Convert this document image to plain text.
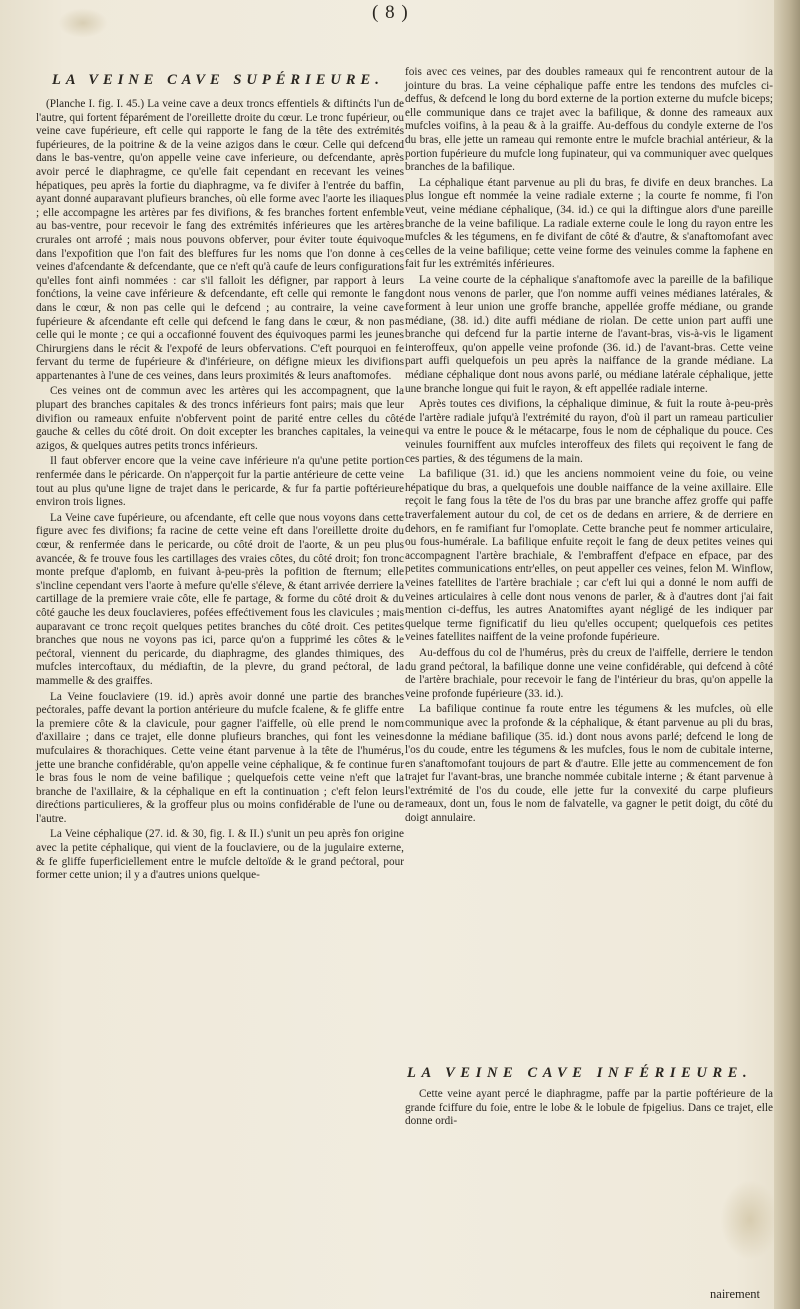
( 8 )
LA VEINE CAVE SUPÉRIEURE.

(Planche I. fig. I. 45.) La veine cave a deux troncs effentiels & diftinćts l'un de l'autre, qui fortent féparément de l'oreillette droite du cœur. Le tronc fupérieur, ou veine cave fupérieure, eft celle qui rapporte le fang de la tête des extrémités fupérieures, de la poitrine & de la veine azigos dans le cœur. Celle qui defcend dans le bas-ventre, qu'on appelle veine cave inferieure, ou defcendante, après avoir percé le diaphragme, ce qu'elle fait cependant en recevant les veines hépatiques, peu après la fortie du diaphragme, va fe divifer à l'entrée du baffin, ayant donné auparavant plufieurs branches, où elle forme avec l'aorte les iliaques ; elle accompagne les artères par fes divifions, & fes branches fortent enfemble au bas-ventre, pour recevoir le fang des extrémités inférieures que les artères crurales ont arrofé ; mais nous pouvons obferver, pour éviter toute équivoque dans l'expofition que l'on fait des bleffures fur les noms que l'on donne à ces veines d'afcendante & defcendante, que ce n'eft qu'à caufe de leurs configurations qu'elles font ainfi nommées : car s'il falloit les défigner, par rapport à leurs fonćtions, la veine cave inférieure & defcendante, eft celle qui remonte le fang dans le cœur, & non pas celle qui le defcend ; au contraire, la veine cave fupérieure & afcendante eft celle qui defcend le fang dans le cœur, & non pas celle qui le monte ; ce qui a occafionné fouvent des équivoques parmi les jeunes Chirurgiens dans le récit & l'expofé de leurs obfervations. C'eft pourquoi en fe fervant du terme de fupérieure & d'inférieure, on défigne mieux les divifions appartenantes à l'une de ces veines, dans leurs proximités & leurs anaftomofes.

Ces veines ont de commun avec les artères qui les accompagnent, que la plupart des branches capitales & des troncs inférieurs font pairs; mais que leur divifion ou rameaux enfuite n'obfervent point de parité entre celles du côté gauche & celles du côté droit. On doit excepter les branches capitales, la veine azigos, & quelques autres petits troncs inférieurs.

Il faut obferver encore que la veine cave inférieure n'a qu'une petite portion renfermée dans le péricarde. On n'apperçoit fur la partie antérieure de cette veine tout au plus qu'une ligne de trajet dans le pericarde, & fur fa partie poftérieure environ trois lignes.

La Veine cave fupérieure, ou afcendante, eft celle que nous voyons dans cette figure avec fes divifions; fa racine de cette veine eft dans l'oreillette droite du cœur, & renfermée dans le pericarde, ou côté droit de l'aorte, & un peu plus avancée, & fe trouve fous les cartillages des vraies côtes, du côté droit; fon tronc monte prefque d'aplomb, en fuivant à-peu-près la pofition de fternum; elle s'incline cependant vers l'aorte à mefure qu'elle s'éleve, & étant arrivée derriere la cartillage de la premiere vraie côte, elle fe partage, & forme du côté droit & du côté gauche les deux fouclavieres, pofées effećtivement fous les clavicules ; mais auparavant ce tronc reçoit quelques petites branches du côté droit. Ces petites branches que nous ne voyons pas ici, parce qu'on a fupprimé les côtes & le pećtoral, viennent du pericarde, du diaphragme, des glandes thimiques, des mufcles intercoftaux, du médiaftin, de la plevre, du grand pećtoral, de la mammelle & des graiffes.

La Veine fouclaviere (19. id.) après avoir donné une partie des branches pećtorales, paffe devant la portion antérieure du mufcle fcalene, & fe gliffe entre la premiere côte & la clavicule, pour gagner l'aiffelle, où elle prend le nom d'axillaire ; dans ce trajet, elle donne plufieurs branches, qui font les veines mufculaires & thorachiques. Cette veine étant parvenue à la tête de l'humérus, jette une branche confidérable, qu'on appelle veine céphalique, & fe continue fur le bras fous le nom de veine bafilique ; quelquefois cette veine n'eft que la branche de l'axillaire, & la céphalique en eft la continuation ; c'eft felon leurs direćtions particulieres, & la groffeur plus ou moins confidérable de l'une ou de l'autre.

La Veine céphalique (27. id. & 30, fig. I. & II.) s'unit un peu après fon origine avec la petite céphalique, qui vient de la fouclaviere, ou de la jugulaire externe, & fe gliffe fuperficiellement entre le mufcle deltoïde & le grand pećtoral, pour former cette union; il y a d'autres unions quelque-

fois avec ces veines, par des doubles rameaux qui fe rencontrent autour de la jointure du bras. La veine céphalique paffe entre les tendons des mufcles ci-deffus, & defcend le long du bord externe de la portion externe du mufcle biceps; elle communique dans ce trajet avec la bafilique, & donne des rameaux aux mufcles voifins, à la peau & à la graiffe. Au-deffous du condyle externe de l'os du bras, elle jette un rameau qui remonte entre le mufcle brachial antérieur, & la portion fupérieure du mufcle long fupinateur, qui va communiquer avec quelques branches de la bafilique.

La céphalique étant parvenue au pli du bras, fe divife en deux branches. La plus longue eft nommée la veine radiale externe ; la courte fe nomme, fi l'on veut, veine médiane céphalique, (34. id.) ce qui la diftingue alors d'une pareille branche de la veine bafilique. La radiale externe coule le long du rayon entre les mufcles & les tégumens, en fe divifant de côté & d'autre, & s'anaftomofant avec celles de la veine bafilique; cette veine forme des veinules comme la faphene en fait fur les extrémités inférieures.

La veine courte de la céphalique s'anaftomofe avec la pareille de la bafilique dont nous venons de parler, que l'on nomme auffi veines médianes latérales, & forment à leur union une groffe branche, appellée groffe médiane, ou grande médiane, (38. id.) dite auffi médiane de riolan. De cette union part auffi une branche qui defcend fur la partie interne de l'avant-bras, vis-à-vis le ligament interoffeux, qu'on appelle veine profonde (36. id.) de l'avant-bras. Cette veine part auffi quelquefois un peu après la naiffance de la grande médiane. La médiane céphalique dont nous avons parlé, ou médiane latérale céphalique, jette une branche longue qui fuit le rayon, & eft appellée radiale interne.

Après toutes ces divifions, la céphalique diminue, & fuit la route à-peu-près de l'artère radiale jufqu'à l'extrémité du rayon, d'où il part un rameau particulier qui va entre le pouce & le métacarpe, fous le nom de céphalique du pouce. Ces veinules fourniffent aux mufcles interoffeux des filets qui reçoivent le fang de ces parties, & des tégumens de la main.

La bafilique (31. id.) que les anciens nommoient veine du foie, ou veine hépatique du bras, a quelquefois une double naiffance de la veine axillaire. Elle reçoit le fang fous la tête de l'os du bras par une branche affez groffe qui paffe traverfalement autour du col, de cet os de dedans en arriere, & de derriere en dehors, en fe ramifiant fur l'omoplate. Cette branche peut fe nommer articulaire, ou fous-humérale. La bafilique enfuite reçoit le fang de deux petites veines qui accompagnent l'artère brachiale, & l'embraffent d'efpace en efpace, par des petites communications entr'elles, on peut appeller ces veines, felon M. Winflow, veines fatellites de l'artère brachiale ; car c'eft lui qui a donné le nom auffi de veines articulaires à celle dont nous venons de parler, & à d'autres dont j'ai fait mention ci-deffus, les autres Anatomiftes ayant négligé de les indiquer par quelque terme fignificatif du lieu qu'elles occupent; quelquefois ces petites veines fatellites naiffent de la veine profonde fupérieure.

Au-deffous du col de l'humérus, près du creux de l'aiffelle, derriere le tendon du grand pećtoral, la bafilique donne une veine confidérable, qui defcend à côté de l'artère brachiale, pour recevoir le fang de l'intérieur du bras, qu'on appelle la veine profonde fupérieure (33. id.).

La bafilique continue fa route entre les tégumens & les mufcles, où elle communique avec la profonde & la céphalique, & étant parvenue au pli du bras, donne la médiane bafilique (35. id.) dont nous avons parlé; defcend le long de l'os du coude, entre les tégumens & les mufcles, fous le nom de cubitale interne, en s'anaftomofant toujours de part & d'autre. Elle jette au commencement de fon trajet fur l'avant-bras, une branche nommée cubitale interne ; & étant parvenue à l'extrémité de l'os du coude, elle jette fur la convexité du carpe plufieurs rameaux, dont un, fous le nom de falvatelle, va gagner le petit doigt, du côté du doigt annulaire.

LA VEINE CAVE INFÉRIEURE.

Cette veine ayant percé le diaphragme, paffe par la partie poftérieure de la grande fciffure du foie, entre le lobe & le lobule de fpigelius. Dans ce trajet, elle donne ordi-

nairement
